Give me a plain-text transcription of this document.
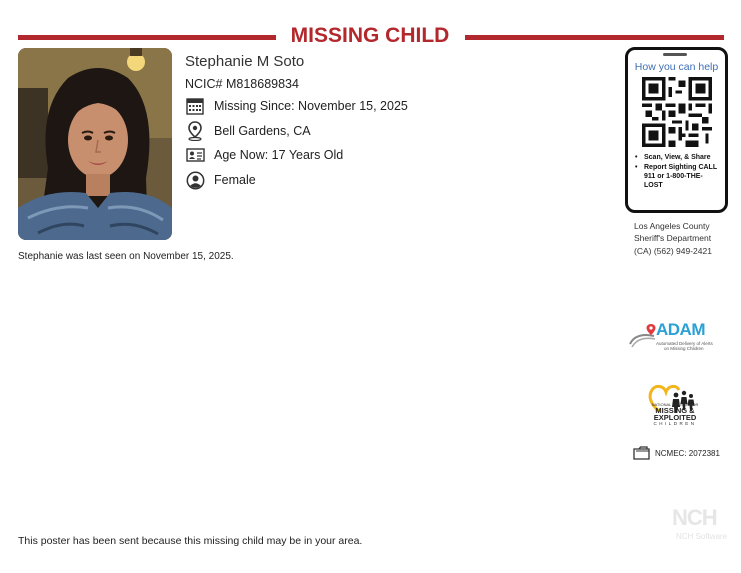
MISSING CHILD
Stephanie M Soto
NCIC# M818689834
Missing Since: November 15, 2025
Bell Gardens, CA
Age Now: 17 Years Old
Female
How you can help
• Scan, View, & Share
• Report Sighting CALL 911 or 1-800-THE-LOST
Los Angeles County
Sheriff's Department
(CA) (562) 949-2421
Stephanie was last seen on November 15, 2025.
ADAM
Automated Delivery of Alerts
on Missing Children
NATIONAL CENTER FOR
MISSING &
EXPLOITED
CHILDREN
NCMEC: 2072381
This poster has been sent because this missing child may be in your area.
NCH
NCH Software
